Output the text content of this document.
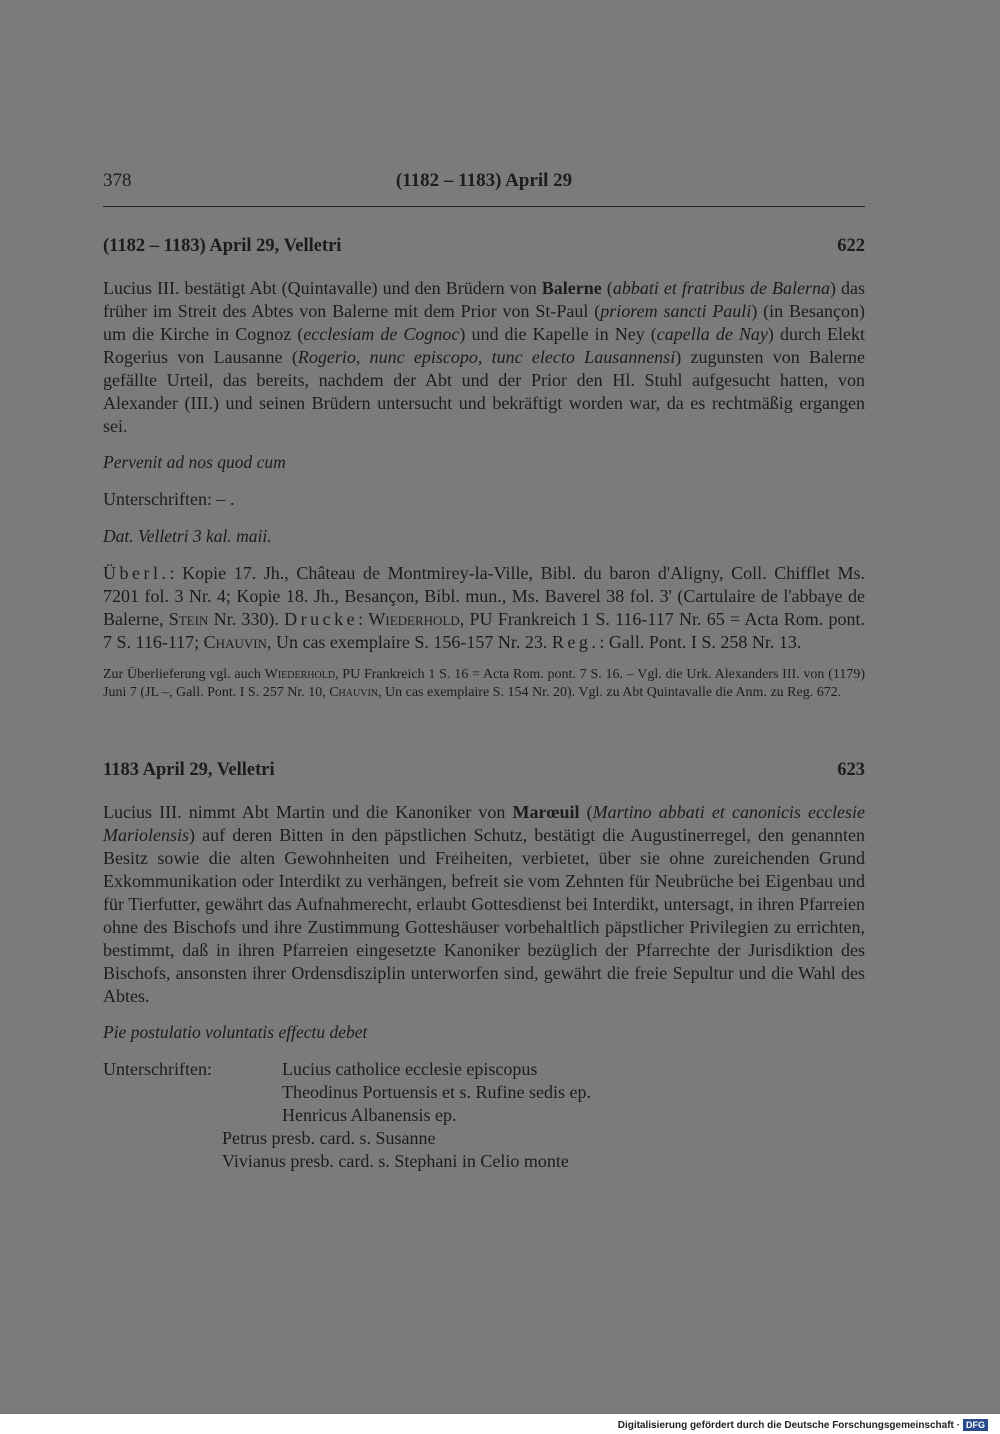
378	(1182 – 1183) April 29
(1182 – 1183) April 29, Velletri	622

Lucius III. bestätigt Abt (Quintavalle) und den Brüdern von Balerne (abbati et fratribus de Balerna) das früher im Streit des Abtes von Balerne mit dem Prior von St-Paul (priorem sancti Pauli) (in Besançon) um die Kirche in Cognoz (ecclesiam de Cognoc) und die Kapelle in Ney (capella de Nay) durch Elekt Rogerius von Lausanne (Rogerio, nunc episcopo, tunc electo Lausannensi) zugunsten von Balerne gefällte Urteil, das bereits, nachdem der Abt und der Prior den Hl. Stuhl aufgesucht hatten, von Alexander (III.) und seinen Brüdern untersucht und bekräftigt worden war, da es rechtmäßig ergangen sei.

Pervenit ad nos quod cum

Unterschriften: – .

Dat. Velletri 3 kal. maii.

Überl.: Kopie 17. Jh., Château de Montmirey-la-Ville, Bibl. du baron d'Aligny, Coll. Chifflet Ms. 7201 fol. 3 Nr. 4; Kopie 18. Jh., Besançon, Bibl. mun., Ms. Baverel 38 fol. 3' (Cartulaire de l'abbaye de Balerne, Stein Nr. 330). Drucke: Wiederhold, PU Frankreich 1 S. 116-117 Nr. 65 = Acta Rom. pont. 7 S. 116-117; Chauvin, Un cas exemplaire S. 156-157 Nr. 23. Reg.: Gall. Pont. I S. 258 Nr. 13.

Zur Überlieferung vgl. auch Wiederhold, PU Frankreich 1 S. 16 = Acta Rom. pont. 7 S. 16. – Vgl. die Urk. Alexanders III. von (1179) Juni 7 (JL –, Gall. Pont. I S. 257 Nr. 10, Chauvin, Un cas exemplaire S. 154 Nr. 20). Vgl. zu Abt Quintavalle die Anm. zu Reg. 672.

1183 April 29, Velletri	623

Lucius III. nimmt Abt Martin und die Kanoniker von Marœuil (Martino abbati et canonicis ecclesie Mariolensis) auf deren Bitten in den päpstlichen Schutz, bestätigt die Augustinerregel, den genannten Besitz sowie die alten Gewohnheiten und Freiheiten, verbietet, über sie ohne zureichenden Grund Exkommunikation oder Interdikt zu verhängen, befreit sie vom Zehnten für Neubrüche bei Eigenbau und für Tierfutter, gewährt das Aufnahmerecht, erlaubt Gottesdienst bei Interdikt, untersagt, in ihren Pfarreien ohne des Bischofs und ihre Zustimmung Gotteshäuser vorbehaltlich päpstlicher Privilegien zu errichten, bestimmt, daß in ihren Pfarreien eingesetzte Kanoniker bezüglich der Pfarrechte der Jurisdiktion des Bischofs, ansonsten ihrer Ordensdisziplin unterworfen sind, gewährt die freie Sepultur und die Wahl des Abtes.

Pie postulatio voluntatis effectu debet

Unterschriften:	Lucius catholice ecclesie episcopus
Theodinus Portuensis et s. Rufine sedis ep.
Henricus Albanensis ep.
Petrus presb. card. s. Susanne
Vivianus presb. card. s. Stephani in Celio monte
Digitalisierung gefördert durch die Deutsche Forschungsgemeinschaft · DFG
